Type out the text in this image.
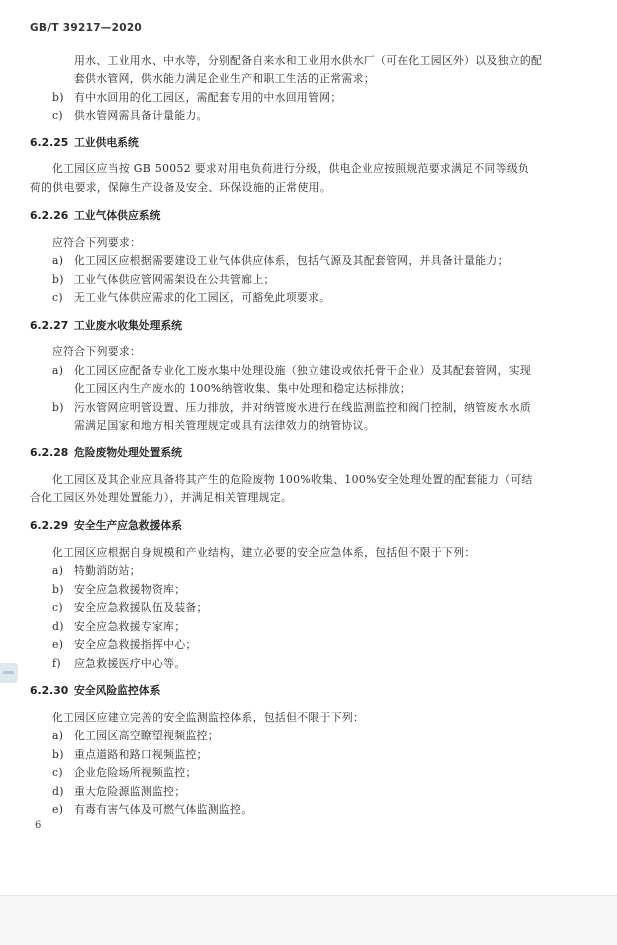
GB/T 39217—2020
用水、工业用水、中水等，分别配备自来水和工业用水供水厂（可在化工园区外）以及独立的配
套供水管网，供水能力满足企业生产和职工生活的正常需求；
b) 有中水回用的化工园区，需配套专用的中水回用管网；
c) 供水管网需具备计量能力。
6.2.25 工业供电系统
化工园区应当按 GB 50052 要求对用电负荷进行分级，供电企业应按照规范要求满足不同等级负
荷的供电要求，保障生产设备及安全、环保设施的正常使用。
6.2.26 工业气体供应系统
应符合下列要求：
a) 化工园区应根据需要建设工业气体供应体系，包括气源及其配套管网，并具备计量能力；
b) 工业气体供应管网需架设在公共管廊上；
c) 无工业气体供应需求的化工园区，可豁免此项要求。
6.2.27 工业废水收集处理系统
应符合下列要求：
a) 化工园区应配备专业化工废水集中处理设施（独立建设或依托骨干企业）及其配套管网，实现
化工园区内生产废水的 100%纳管收集、集中处理和稳定达标排放；
b) 污水管网应明管设置、压力排放，并对纳管废水进行在线监测监控和阀门控制，纳管废水水质
需满足国家和地方相关管理规定或具有法律效力的纳管协议。
6.2.28 危险废物处理处置系统
化工园区及其企业应具备将其产生的危险废物 100%收集、100%安全处理处置的配套能力（可结
合化工园区外处理处置能力），并满足相关管理规定。
6.2.29 安全生产应急救援体系
化工园区应根据自身规模和产业结构，建立必要的安全应急体系，包括但不限于下列：
a) 特勤消防站；
b) 安全应急救援物资库；
c) 安全应急救援队伍及装备；
d) 安全应急救援专家库；
e) 安全应急救援指挥中心；
f) 应急救援医疗中心等。
6.2.30 安全风险监控体系
化工园区应建立完善的安全监测监控体系，包括但不限于下列：
a) 化工园区高空瞭望视频监控；
b) 重点道路和路口视频监控；
c) 企业危险场所视频监控；
d) 重大危险源监测监控；
e) 有毒有害气体及可燃气体监测监控。
6
